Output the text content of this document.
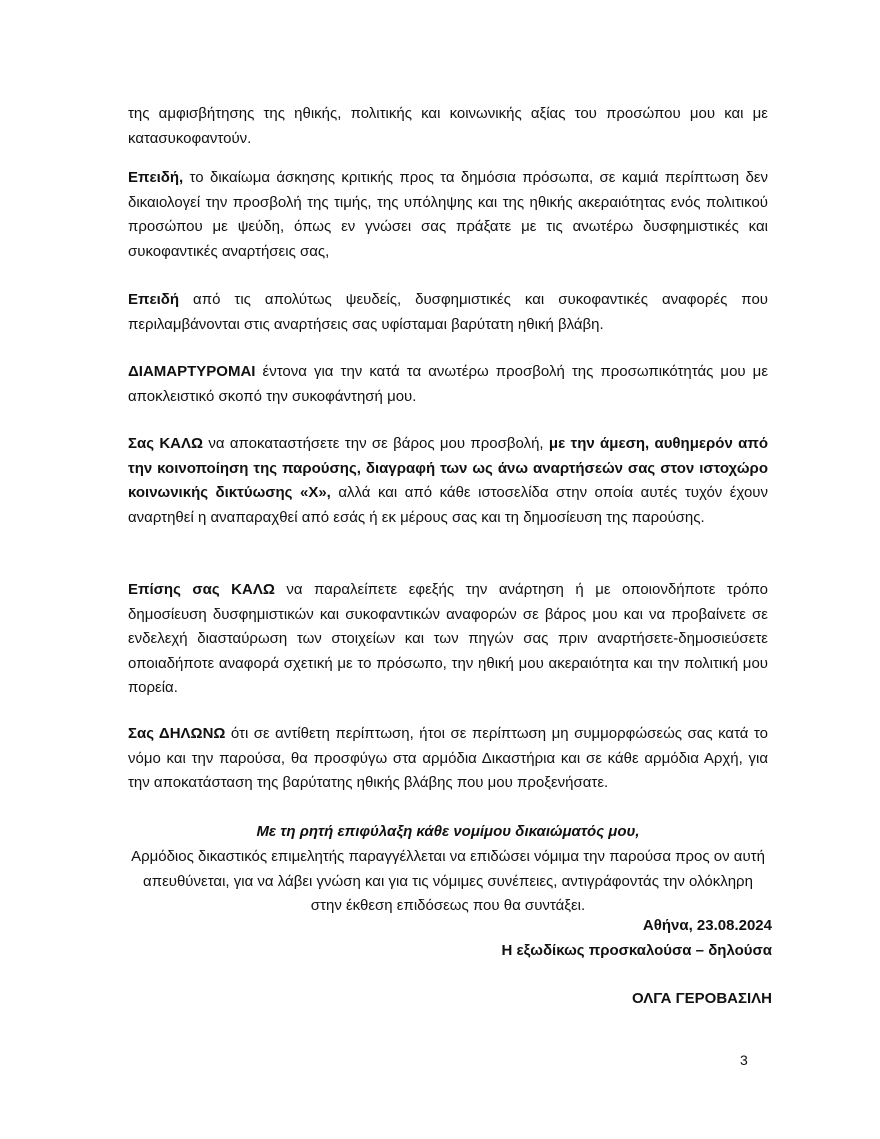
της αμφισβήτησης της ηθικής, πολιτικής και κοινωνικής αξίας του προσώπου μου και με κατασυκοφαντούν.

Επειδή, το δικαίωμα άσκησης κριτικής προς τα δημόσια πρόσωπα, σε καμιά περίπτωση δεν δικαιολογεί την προσβολή της τιμής, της υπόληψης και της ηθικής ακεραιότητας ενός πολιτικού προσώπου με ψεύδη, όπως εν γνώσει σας πράξατε με τις ανωτέρω δυσφημιστικές και συκοφαντικές αναρτήσεις σας,

Επειδή από τις απολύτως ψευδείς, δυσφημιστικές και συκοφαντικές αναφορές που περιλαμβάνονται στις αναρτήσεις σας υφίσταμαι βαρύτατη ηθική βλάβη.

ΔΙΑΜΑΡΤΥΡΟΜΑΙ έντονα για την κατά τα ανωτέρω προσβολή της προσωπικότητάς μου με αποκλειστικό σκοπό την συκοφάντησή μου.

Σας ΚΑΛΩ να αποκαταστήσετε την σε βάρος μου προσβολή, με την άμεση, αυθημερόν από την κοινοποίηση της παρούσης, διαγραφή των ως άνω αναρτήσεών σας στον ιστοχώρο κοινωνικής δικτύωσης «Χ», αλλά και από κάθε ιστοσελίδα στην οποία αυτές τυχόν έχουν αναρτηθεί η αναπαραχθεί από εσάς ή εκ μέρους σας και τη δημοσίευση της παρούσης.

Επίσης σας ΚΑΛΩ να παραλείπετε εφεξής την ανάρτηση ή με οποιονδήποτε τρόπο δημοσίευση δυσφημιστικών και συκοφαντικών αναφορών σε βάρος μου και να προβαίνετε σε ενδελεχή διασταύρωση των στοιχείων και των πηγών σας πριν αναρτήσετε-δημοσιεύσετε οποιαδήποτε αναφορά σχετική με το πρόσωπο, την ηθική μου ακεραιότητα και την πολιτική μου πορεία.

Σας ΔΗΛΩΝΩ ότι σε αντίθετη περίπτωση, ήτοι σε περίπτωση μη συμμορφώσεώς σας κατά το νόμο και την παρούσα, θα προσφύγω στα αρμόδια Δικαστήρια και σε κάθε αρμόδια Αρχή, για την αποκατάσταση της βαρύτατης ηθικής βλάβης που μου προξενήσατε.

Με τη ρητή επιφύλαξη κάθε νομίμου δικαιώματός μου,

Αρμόδιος δικαστικός επιμελητής παραγγέλλεται να επιδώσει νόμιμα την παρούσα προς ον αυτή απευθύνεται, για να λάβει γνώση και για τις νόμιμες συνέπειες, αντιγράφοντάς την ολόκληρη στην έκθεση επιδόσεως που θα συντάξει.

Αθήνα, 23.08.2024

Η εξωδίκως προσκαλούσα – δηλούσα

ΟΛΓΑ ΓΕΡΟΒΑΣΙΛΗ

3
